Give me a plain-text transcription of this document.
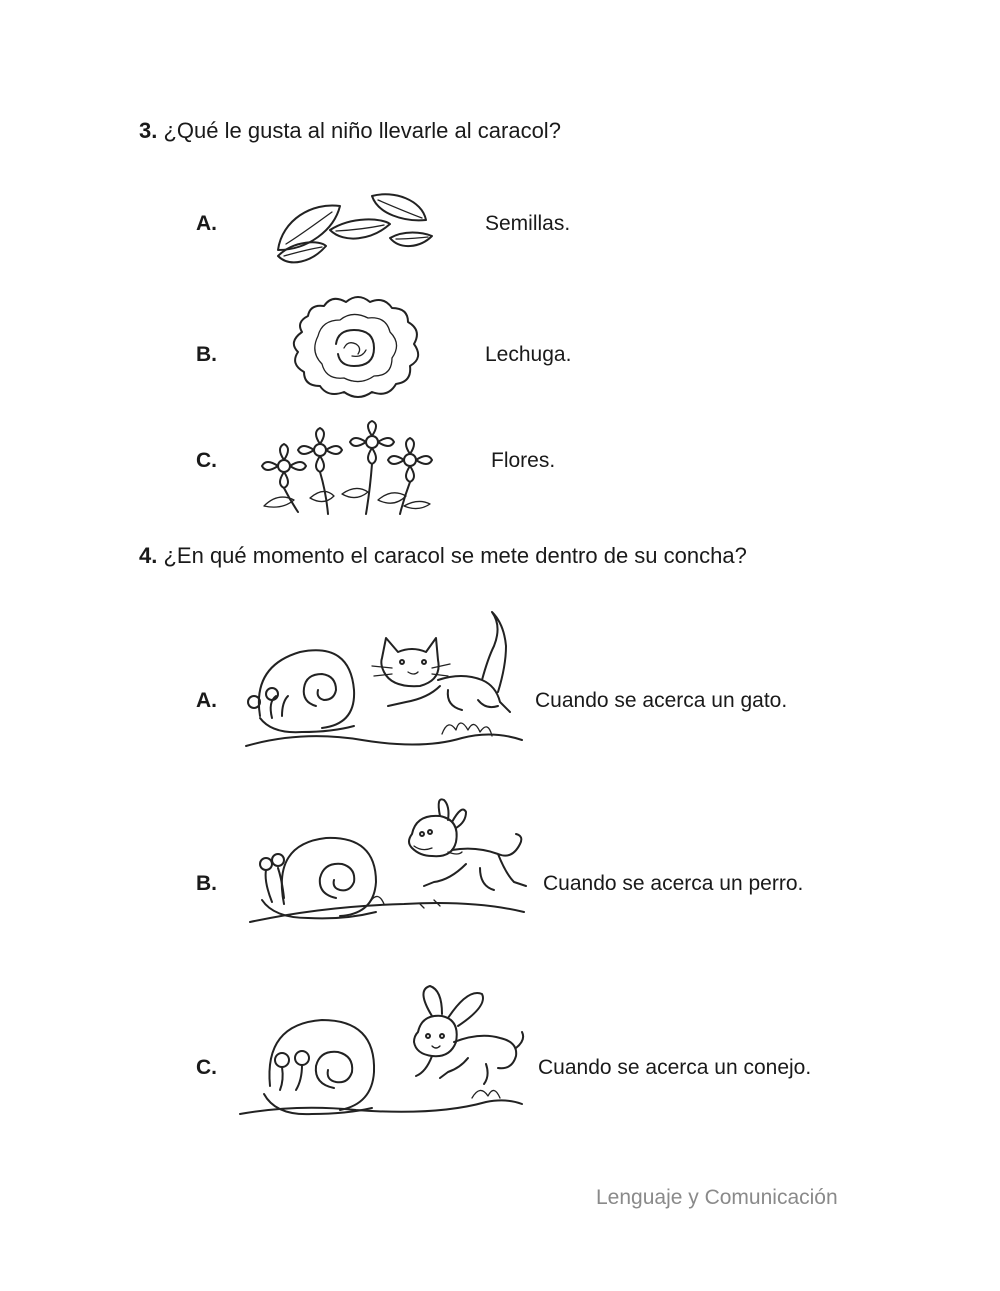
3. ¿Qué le gusta al niño llevarle al caracol?
A.	Semillas.
B.	Lechuga.
C.	Flores.
4. ¿En qué momento el caracol se mete dentro de su concha?
A.	Cuando se acerca un gato.
B.	Cuando se acerca un perro.
C.	Cuando se acerca un conejo.
Lenguaje y Comunicación
